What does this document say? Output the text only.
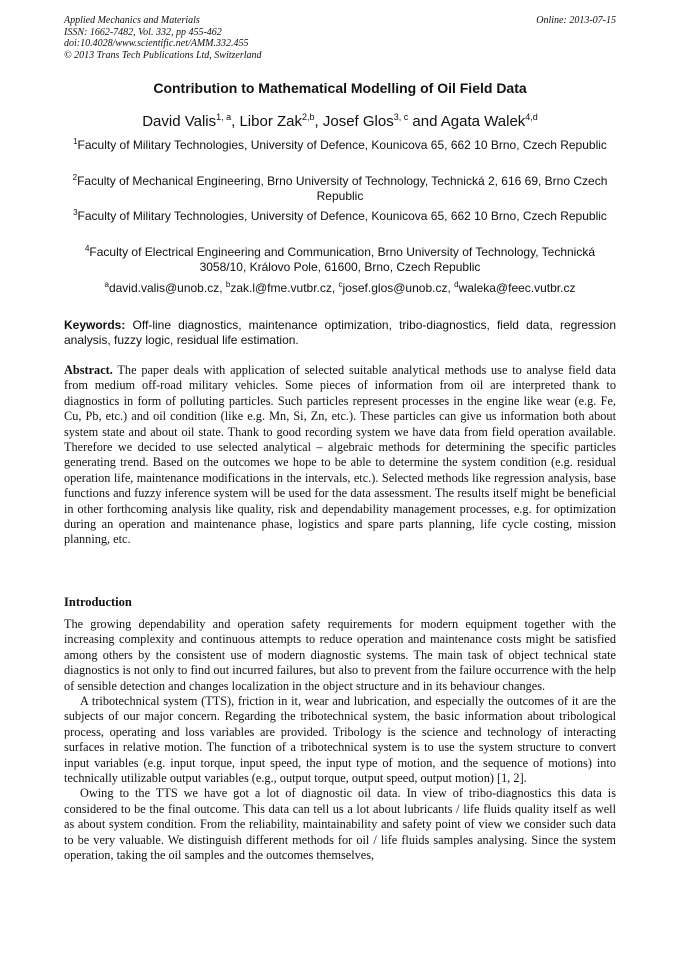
Applied Mechanics and Materials
ISSN: 1662-7482, Vol. 332, pp 455-462
doi:10.4028/www.scientific.net/AMM.332.455
© 2013 Trans Tech Publications Ltd, Switzerland
Online: 2013-07-15
Contribution to Mathematical Modelling of Oil Field Data
David Valis$^{1, a}$, Libor Zak$^{2,b}$, Josef Glos$^{3, c}$ and Agata Walek$^{4,d}$
$^1$Faculty of Military Technologies, University of Defence, Kounicova 65, 662 10 Brno, Czech Republic
$^2$Faculty of Mechanical Engineering, Brno University of Technology, Technická 2, 616 69, Brno Czech Republic
$^3$Faculty of Military Technologies, University of Defence, Kounicova 65, 662 10 Brno, Czech Republic
$^4$Faculty of Electrical Engineering and Communication, Brno University of Technology, Technická 3058/10, Královo Pole, 61600, Brno, Czech Republic
$^a$david.valis@unob.cz, $^b$zak.l@fme.vutbr.cz, $^c$josef.glos@unob.cz, $^d$waleka@feec.vutbr.cz
Keywords: Off-line diagnostics, maintenance optimization, tribo-diagnostics, field data, regression analysis, fuzzy logic, residual life estimation.
Abstract. The paper deals with application of selected suitable analytical methods use to analyse field data from medium off-road military vehicles. Some pieces of information from oil are interpreted thank to diagnostics in form of polluting particles. Such particles represent processes in the engine like wear (e.g. Fe, Cu, Pb, etc.) and oil condition (like e.g. Mn, Si, Zn, etc.). These particles can give us information both about system state and about oil state. Thank to good recording system we have data from field operation available. Therefore we decided to use selected analytical – algebraic methods for determining the specific particles generating trend. Based on the outcomes we hope to be able to determine the system condition (e.g. residual operation life, maintenance modifications in the intervals, etc.). Selected methods like regression analysis, base functions and fuzzy inference system will be used for the data assessment. The results itself might be beneficial in other forthcoming analysis like quality, risk and dependability management processes, e.g. for optimization during an operation and maintenance phase, logistics and spare parts planning, life cycle costing, mission planning, etc.
Introduction

The growing dependability and operation safety requirements for modern equipment together with the increasing complexity and continuous attempts to reduce operation and maintenance costs might be satisfied among others by the consistent use of modern diagnostic systems. The main task of object technical state diagnostics is not only to find out incurred failures, but also to prevent from the failure occurrence with the help of sensible detection and changes localization in the object structure and in its behaviour changes.

A tribotechnical system (TTS), friction in it, wear and lubrication, and especially the outcomes of it are the subjects of our major concern. Regarding the tribotechnical system, the basic information about tribological process, operating and loss variables are provided. Tribology is the science and technology of interacting surfaces in relative motion. The function of a tribotechnical system is to use the system structure to convert input variables (e.g. input torque, input speed, the input type of motion, and the sequence of motions) into technically utilizable output variables (e.g., output torque, output speed, output motion) [1, 2].

Owing to the TTS we have got a lot of diagnostic oil data. In view of tribo-diagnostics this data is considered to be the final outcome. This data can tell us a lot about lubricants / life fluids quality itself as well as about system condition. From the reliability, maintainability and safety point of view we consider such data to be very valuable. We distinguish different methods for oil / life fluids samples analysing. Since the system operation, taking the oil samples and the outcomes themselves,
